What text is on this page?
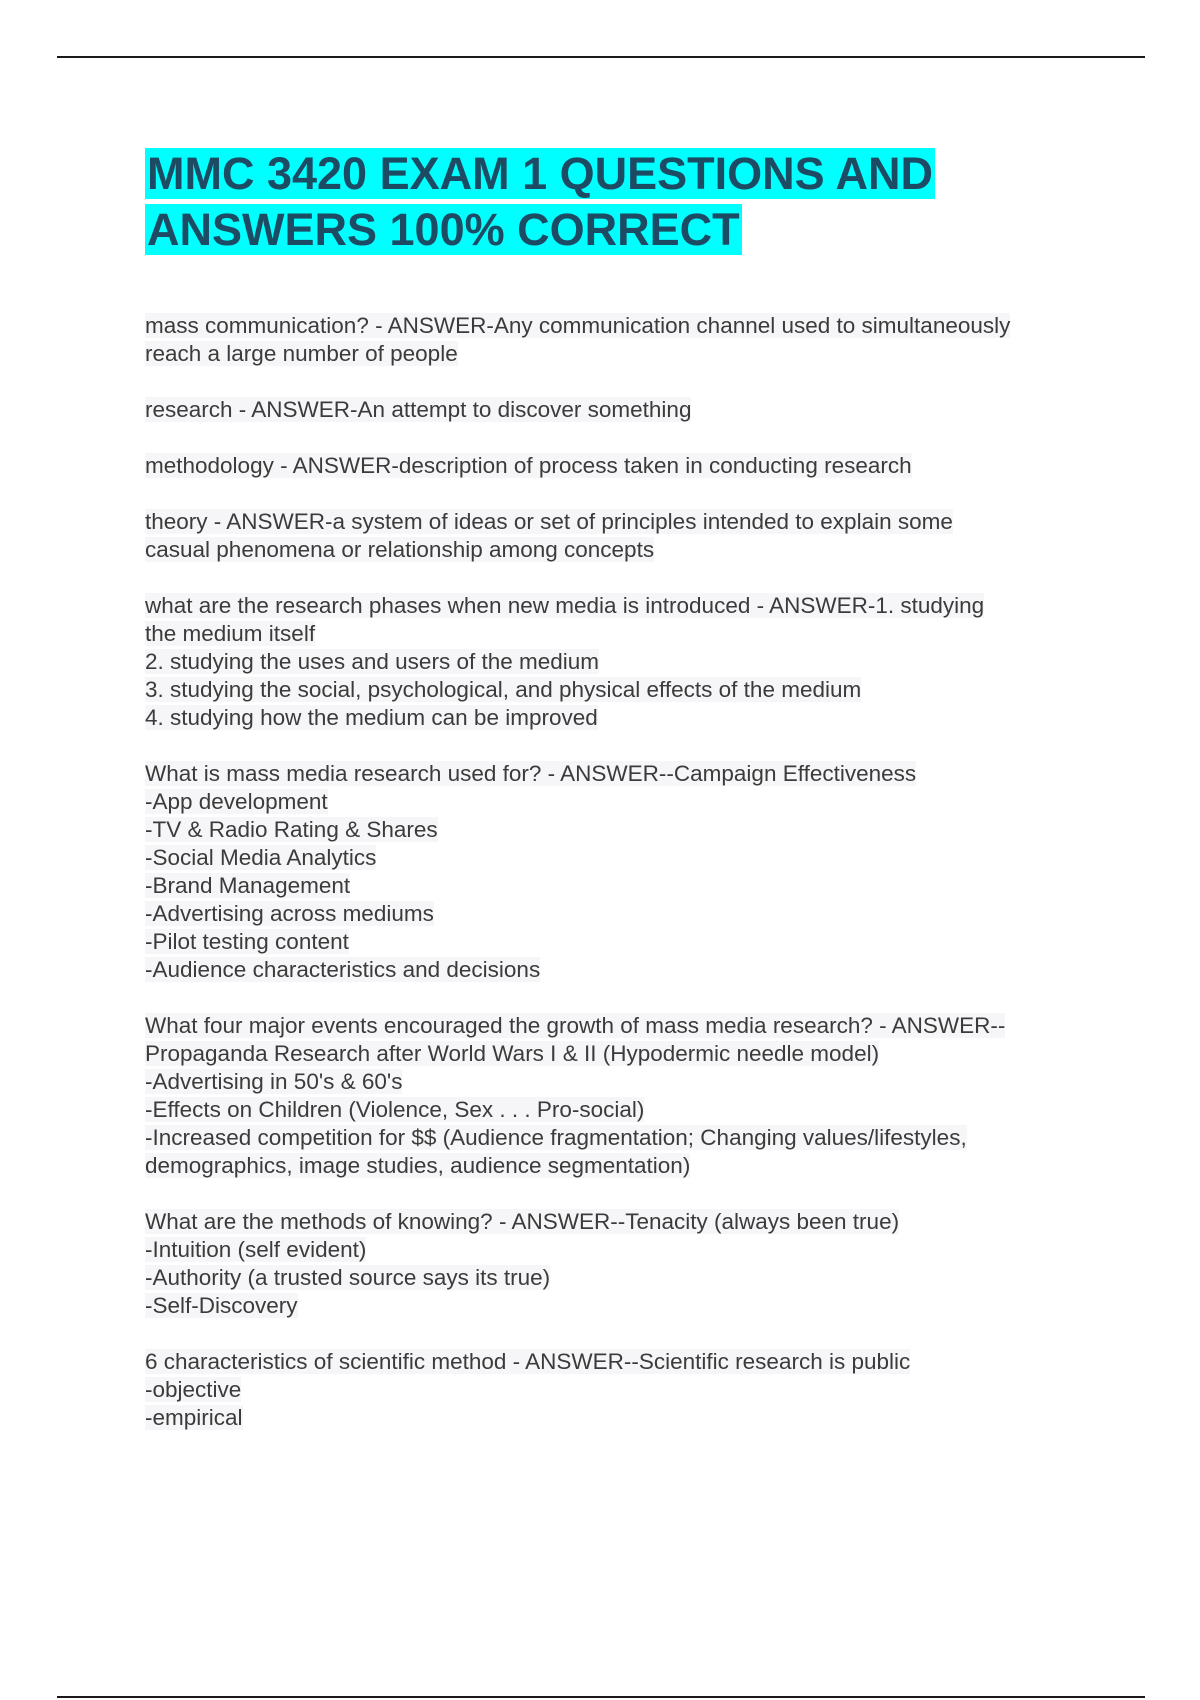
MMC 3420 EXAM 1 QUESTIONS AND
ANSWERS 100% CORRECT
mass communication? - ANSWER-Any communication channel used to simultaneously
reach a large number of people
research - ANSWER-An attempt to discover something
methodology - ANSWER-description of process taken in conducting research
theory - ANSWER-a system of ideas or set of principles intended to explain some
casual phenomena or relationship among concepts
what are the research phases when new media is introduced - ANSWER-1. studying
the medium itself
2. studying the uses and users of the medium
3. studying the social, psychological, and physical effects of the medium
4. studying how the medium can be improved
What is mass media research used for? - ANSWER--Campaign Effectiveness
-App development
-TV & Radio Rating & Shares
-Social Media Analytics
-Brand Management
-Advertising across mediums
-Pilot testing content
-Audience characteristics and decisions
What four major events encouraged the growth of mass media research? - ANSWER--
Propaganda Research after World Wars I & II (Hypodermic needle model)
-Advertising in 50's & 60's
-Effects on Children (Violence, Sex . . . Pro-social)
-Increased competition for $$ (Audience fragmentation; Changing values/lifestyles,
demographics, image studies, audience segmentation)
What are the methods of knowing? - ANSWER--Tenacity (always been true)
-Intuition (self evident)
-Authority (a trusted source says its true)
-Self-Discovery
6 characteristics of scientific method - ANSWER--Scientific research is public
-objective
-empirical
